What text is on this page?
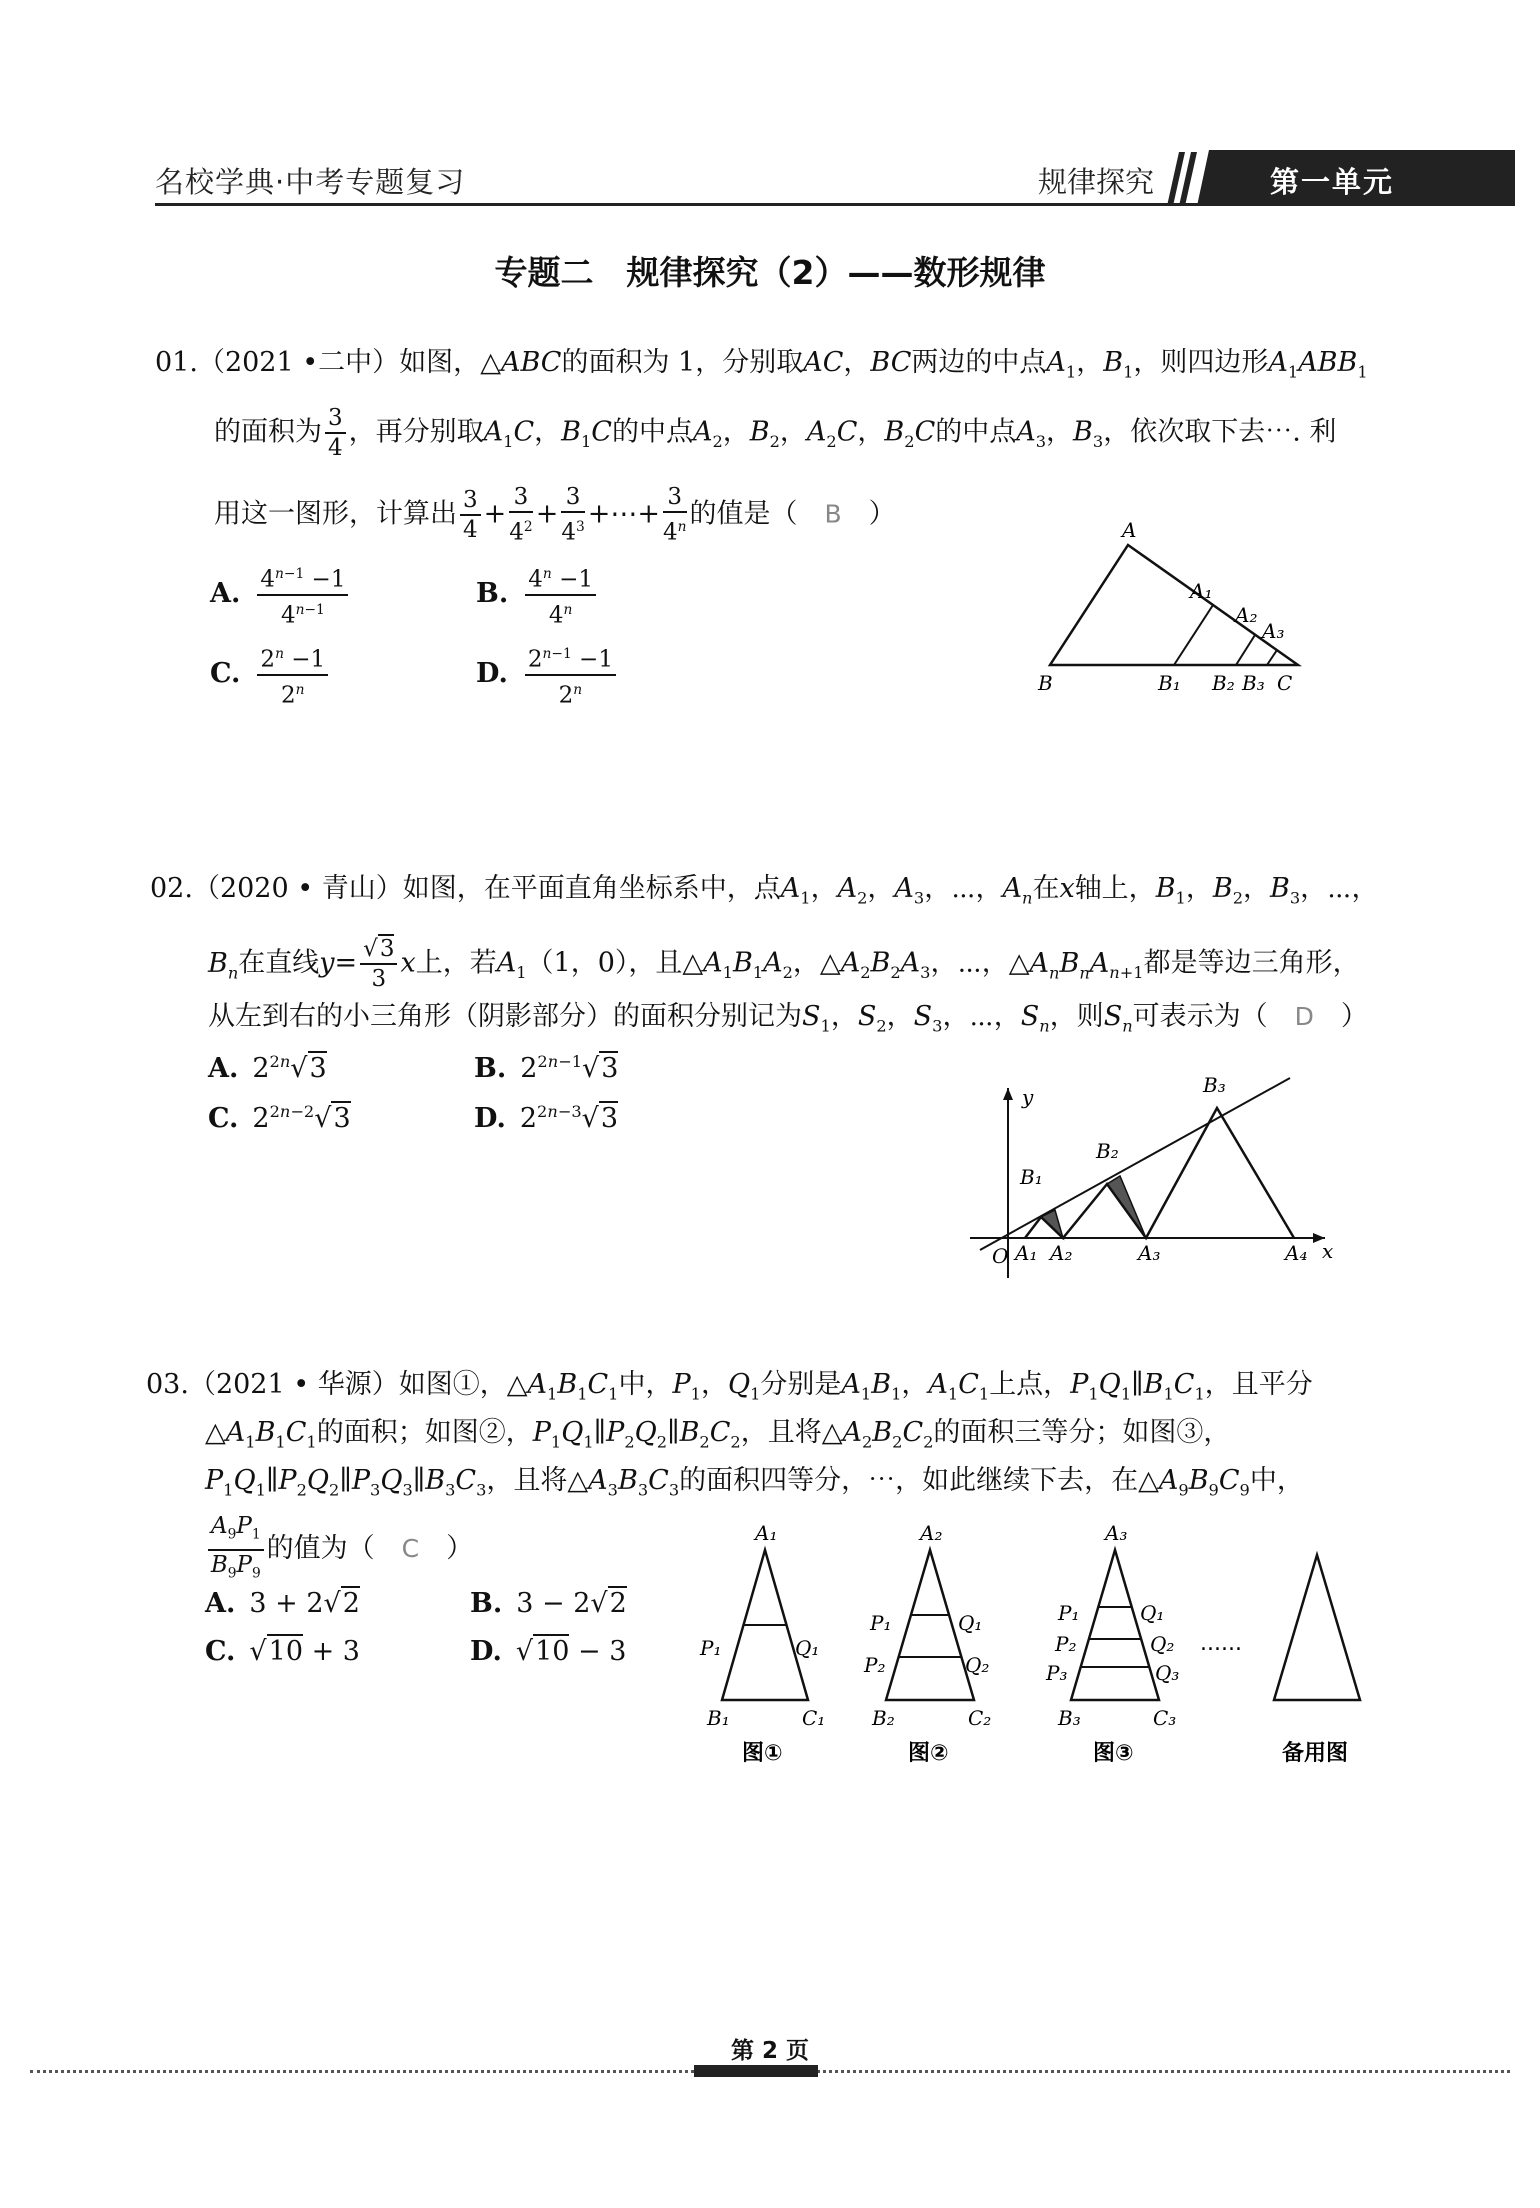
名校学典·中考专题复习	规律探究	第一单元
专题二　规律探究（2）——数形规律
01.（2021 •二中）如图，△ABC的面积为 1，分别取AC，BC两边的中点$A_1$，$B_1$，则四边形$A_1ABB_1$
的面积为 $\frac{3}{4}$ ，再分别取$A_1C$，$B_1C$的中点$A_2$，$B_2$，$A_2C$，$B_2C$的中点$A_3$，$B_3$，依次取下去⋯. 利
用这一图形，计算出 $\frac{3}{4} + \frac{3}{4^2} + \frac{3}{4^3}$ +⋯+ $\frac{3}{4^n}$ 的值是（　 B　 ）
A. $\frac{4^{n-1} -1}{4^{n-1}}$	B. $\frac{4^n -1}{4^n}$
C. $\frac{2^n -1}{2^n}$	D. $\frac{2^{n-1} -1}{2^n}$
A
A₁
A₂
A₃
B	B₁ B₂ B₃ C
02.（2020 • 青山）如图，在平面直角坐标系中，点$A_1$，$A_2$，$A_3$，⋯，$A_n$在x轴上，$B_1$，$B_2$，$B_3$，⋯，
$B_n$在直线$y= \frac{√3}{3}$ x上，若$A_1(1$，0），且$\triangle A_1B_1A_2$，$\triangle A_2B_2A_3$，⋯，$\triangle A_nB_nA_{n+1}$都是等边三角形，
从左到右的小三角形（阴影部分）的面积分别记为$S_1$，$S_2$，$S_3$，⋯，$S_n$，则$S_n$可表示为（　 D　 ）
A. $2^{2n}√3$	B. $2^{2n-1}√3$
C. $2^{2n-2}√3$	D. $2^{2n-3}√3$
y
x
O A₁ A₂	A₃	A₄
B₁
B₂
B₃
03.（2021 • 华源）如图①，$\triangle A_1B_1C_1$中，$P_1$，$Q_1$分别是$A_1B_1$，$A_1C_1$上点，$P_1Q_1\parallel B_1C_1$，且平分
$\triangle A_1B_1C_1$的面积；如图②，$P_1Q_1\parallel P_2Q_2\parallel B_2C_2$，且将$\triangle A_2B_2C_2$的面积三等分；如图③，
$P_1Q_1\parallel P_2Q_2\parallel P_3Q_3\parallel B_3C_3$，且将$\triangle A_3B_3C_3$的面积四等分，⋯，如此继续下去，在$\triangle A_9B_9C_9$中，
$\frac{A_9P_1}{B_9P_9}$ 的值为（　 C　 ）
A. 3 + 2√2	B. 3 − 2√2
C. √10 + 3	D. √10 − 3
A₁
P₁	Q₁
B₁	C₁
A₂
P₁	Q₁
P₂	Q₂
B₂	C₂
A₃
P₁	Q₁
P₂	Q₂
P₃	Q₃
B₃	C₃
......
图①	图②	图③	备用图
第 2 页
